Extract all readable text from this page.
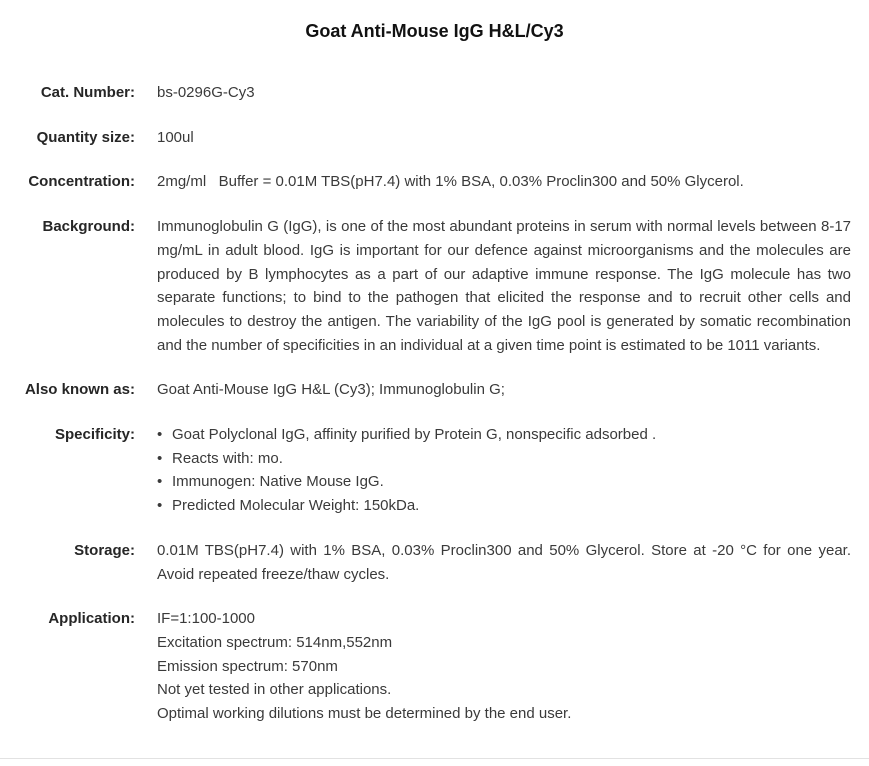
Goat Anti-Mouse IgG H&L/Cy3
Cat. Number: bs-0296G-Cy3
Quantity size: 100ul
Concentration: 2mg/ml   Buffer = 0.01M TBS(pH7.4) with 1% BSA, 0.03% Proclin300 and 50% Glycerol.
Background: Immunoglobulin G (IgG), is one of the most abundant proteins in serum with normal levels between 8-17 mg/mL in adult blood. IgG is important for our defence against microorganisms and the molecules are produced by B lymphocytes as a part of our adaptive immune response. The IgG molecule has two separate functions; to bind to the pathogen that elicited the response and to recruit other cells and molecules to destroy the antigen. The variability of the IgG pool is generated by somatic recombination and the number of specificities in an individual at a given time point is estimated to be 1011 variants.
Also known as: Goat Anti-Mouse IgG H&L (Cy3); Immunoglobulin G;
Specificity: • Goat Polyclonal IgG, affinity purified by Protein G, nonspecific adsorbed .
• Reacts with: mo.
• Immunogen: Native Mouse IgG.
• Predicted Molecular Weight: 150kDa.
Storage: 0.01M TBS(pH7.4) with 1% BSA, 0.03% Proclin300 and 50% Glycerol. Store at -20 °C for one year. Avoid repeated freeze/thaw cycles.
Application: IF=1:100-1000
Excitation spectrum: 514nm,552nm
Emission spectrum: 570nm
Not yet tested in other applications.
Optimal working dilutions must be determined by the end user.
